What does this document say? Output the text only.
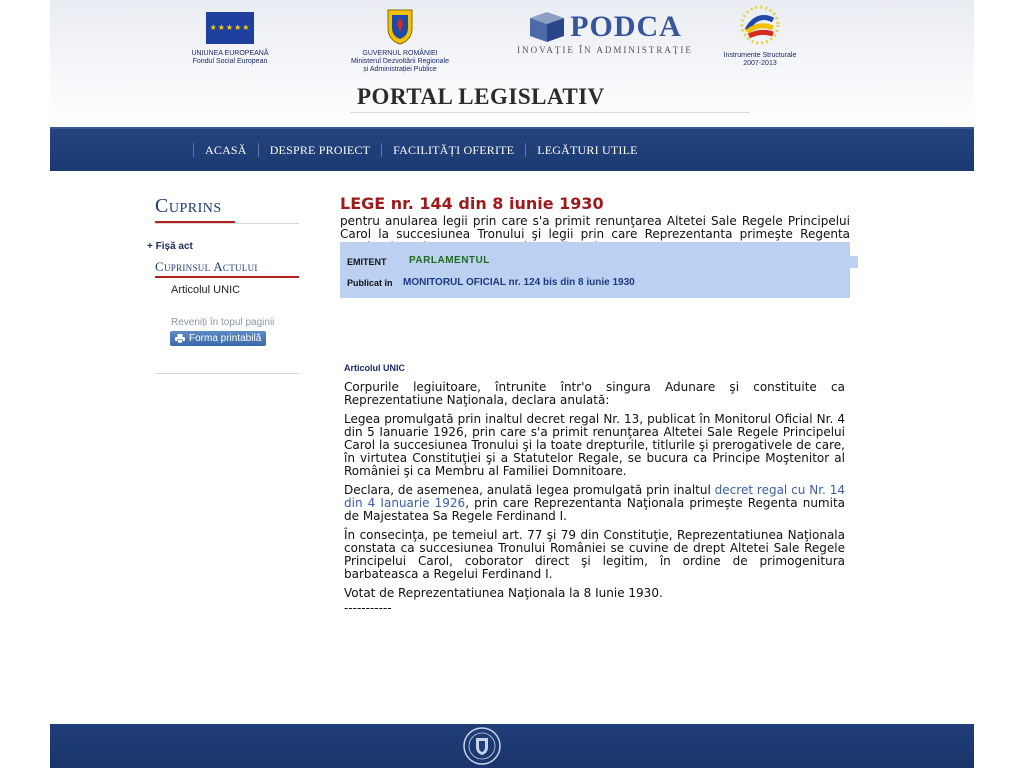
★★★★★
UNIUNEA EUROPEANĂ
Fondul Social European
GUVERNUL ROMÂNIEI
Ministerul Dezvoltării Regionale
și Administrației Publice
PODCA
INOVAȚIE ÎN ADMINISTRAȚIE
Instrumente Structurale
2007-2013
PORTAL LEGISLATIV
ACASĂ	DESPRE PROIECT	FACILITĂȚI OFERITE	LEGĂTURI UTILE
Cuprins
+ Fișă act
Cuprinsul Actului
Articolul UNIC
Reveniți în topul paginii
Forma printabilă
LEGE nr. 144 din 8 iunie 1930
pentru anularea legii prin care s'a primit renunţarea Altetei Sale Regele Principelui Carol la succesiunea Tronului şi legii prin care Reprezentanta primeşte Regenta
EMITENT PARLAMENTUL
Publicat în MONITORUL OFICIAL nr. 124 bis din 8 iunie 1930
Articolul UNIC

Corpurile legiuitoare, întrunite într'o singura Adunare şi constituite ca Reprezentatiune Naţionala, declara anulată:

Legea promulgată prin inaltul decret regal Nr. 13, publicat în Monitorul Oficial Nr. 4 din 5 Ianuarie 1926, prin care s'a primit renunţarea Altetei Sale Regele Principelui Carol la succesiunea Tronului şi la toate drepturile, titlurile şi prerogativele de care, în virtutea Constituţiei şi a Statutelor Regale, se bucura ca Principe Moştenitor al României şi ca Membru al Familiei Domnitoare.

Declara, de asemenea, anulată legea promulgată prin inaltul decret regal cu Nr. 14 din 4 Ianuarie 1926, prin care Reprezentanta Naţionala primeşte Regenta numita de Majestatea Sa Regele Ferdinand I.

În consecinţa, pe temeiul art. 77 şi 79 din Constituţie, Reprezentatiunea Naţionala constata ca succesiunea Tronului României se cuvine de drept Altetei Sale Regele Principelui Carol, coborator direct şi legitim, în ordine de primogenitura barbateasca a Regelui Ferdinand I.

Votat de Reprezentatiunea Naţionala la 8 Iunie 1930.

-----------
